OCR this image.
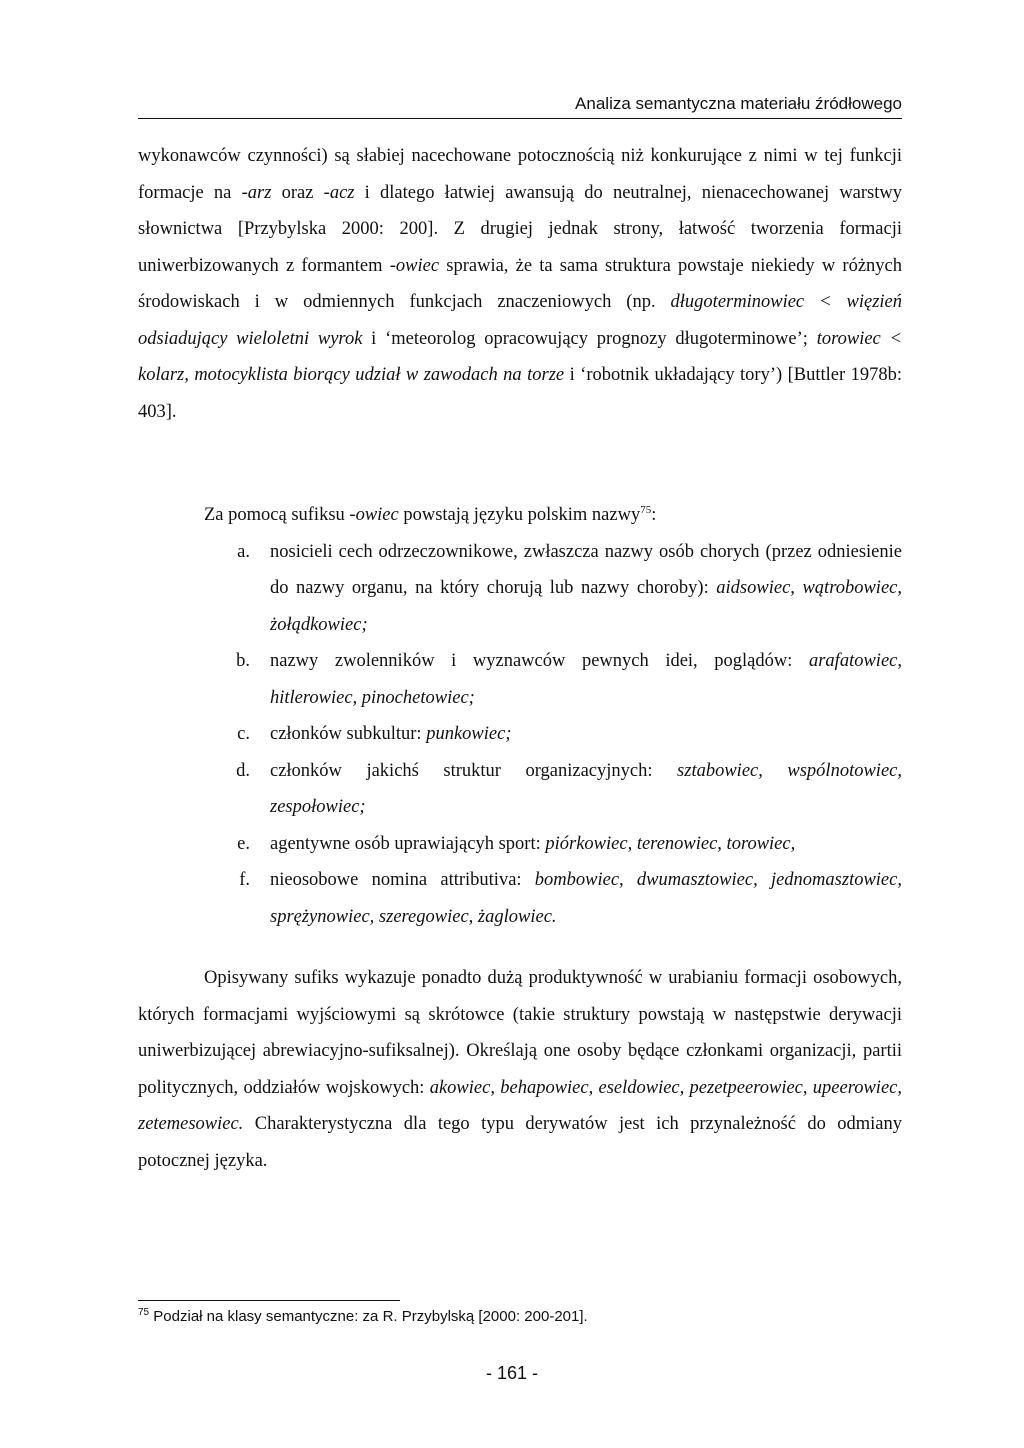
Analiza semantyczna materiału źródłowego

wykonawców czynności) są słabiej nacechowane potocznością niż konkurujące z nimi w tej funkcji formacje na -arz oraz -acz i dlatego łatwiej awansują do neutralnej, nienacechowanej warstwy słownictwa [Przybylska 2000: 200]. Z drugiej jednak strony, łatwość tworzenia formacji uniwerbizowanych z formantem -owiec sprawia, że ta sama struktura powstaje niekiedy w różnych środowiskach i w odmiennych funkcjach znaczeniowych (np. długoterminowiec < więzień odsiadujący wieloletni wyrok i ‘meteorolog opracowujący prognozy długoterminowe’; torowiec < kolarz, motocyklista biorący udział w zawodach na torze i ‘robotnik układający tory’) [Buttler 1978b: 403].

Za pomocą sufiksu -owiec powstają języku polskim nazwy$^{75}$:

a.	nosicieli cech odrzeczownikowe, zwłaszcza nazwy osób chorych (przez odniesienie do nazwy organu, na który chorują lub nazwy choroby): aidsowiec, wątrobowiec, żołądkowiec;
b.	nazwy zwolenników i wyznawców pewnych idei, poglądów: arafatowiec, hitlerowiec, pinochetowiec;
c.	członków subkultur: punkowiec;
d.	członków jakichś struktur organizacyjnych: sztabowiec, wspólnotowiec, zespołowiec;
e.	agentywne osób uprawiającyh sport: piórkowiec, terenowiec, torowiec,
f.	nieosobowe nomina attributiva: bombowiec, dwumasztowiec, jednomasztowiec, sprężynowiec, szeregowiec, żaglowiec.

Opisywany sufiks wykazuje ponadto dużą produktywność w urabianiu formacji osobowych, których formacjami wyjściowymi są skrótowce (takie struktury powstają w następstwie derywacji uniwerbizującej abrewiacyjno-sufiksalnej). Określają one osoby będące członkami organizacji, partii politycznych, oddziałów wojskowych: akowiec, behapowiec, eseldowiec, pezetpeerowiec, upeerowiec, zetemesowiec. Charakterystyczna dla tego typu derywatów jest ich przynależność do odmiany potocznej języka.

$^{75}$ Podział na klasy semantyczne: za R. Przybylską [2000: 200-201].
- 161 -
